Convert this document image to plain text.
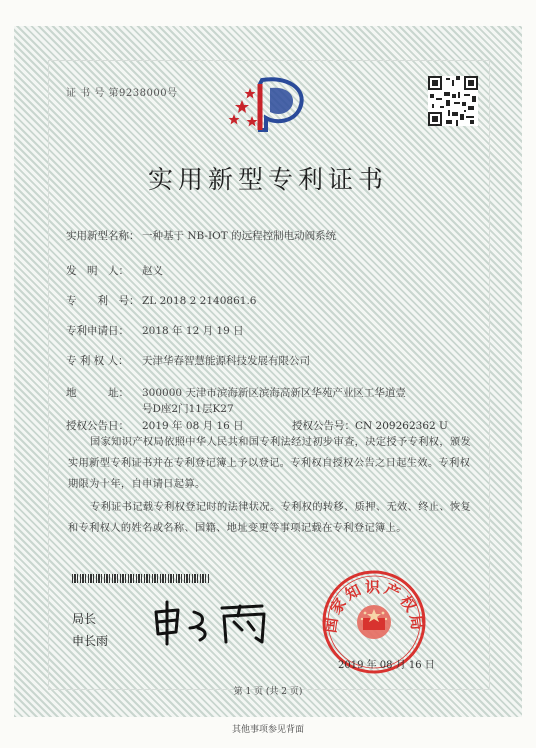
证 书 号 第9238000号
实用新型专利证书
实用新型名称： 一种基于 NB-IOT 的远程控制电动阀系统
发　明　人： 赵义
专　　利　号： ZL 2018 2 2140861.6
专利申请日： 2018 年 12 月 19 日
专 利 权 人： 天津华春智慧能源科技发展有限公司
地　　　址： 300000 天津市滨海新区滨海高新区华苑产业区工华道壹
号D座2门11层K27
授权公告日： 2019 年 08 月 16 日	授权公告号：CN 209262362 U
国家知识产权局依照中华人民共和国专利法经过初步审查，决定授予专利权，颁发实用新型专利证书并在专利登记簿上予以登记。专利权自授权公告之日起生效。专利权期限为十年，自申请日起算。
专利证书记载专利权登记时的法律状况。专利权的转移、质押、无效、终止、恢复和专利权人的姓名或名称、国籍、地址变更等事项记载在专利登记簿上。
局长
申长雨
国家知识产权局
2019 年 08 月 16 日
第 1 页 (共 2 页)
其他事项参见背面
